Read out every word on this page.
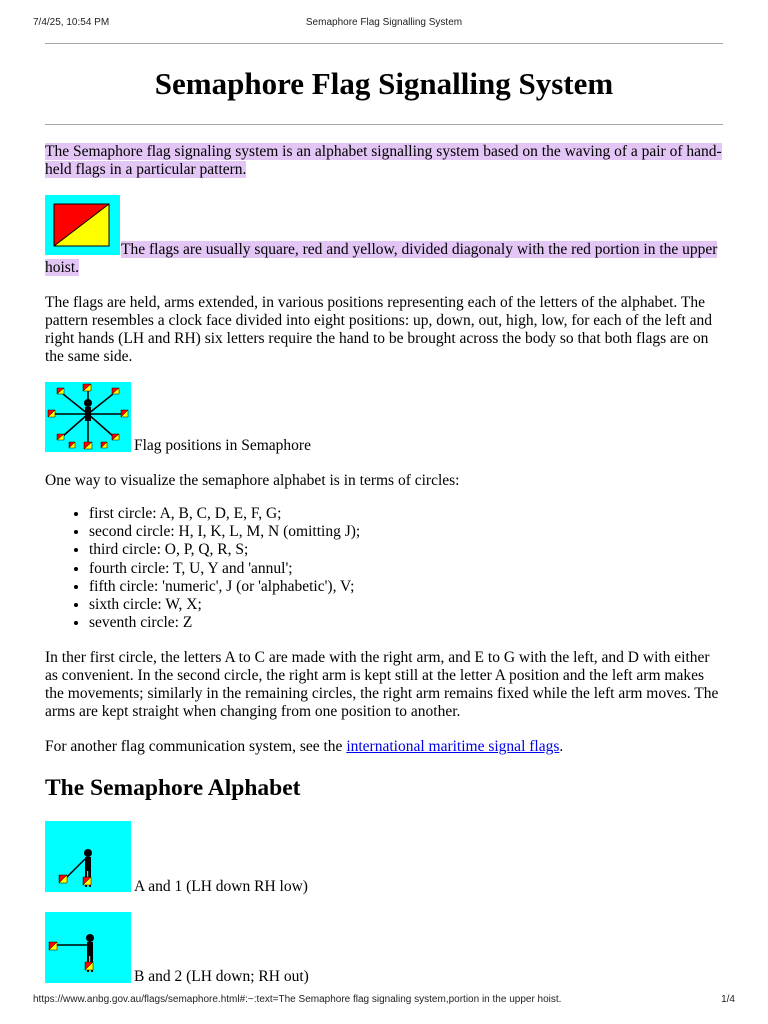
7/4/25, 10:54 PM	Semaphore Flag Signalling System
Semaphore Flag Signalling System

The Semaphore flag signaling system is an alphabet signalling system based on the waving of a pair of hand-held flags in a particular pattern.

The flags are usually square, red and yellow, divided diagonaly with the red portion in the upper hoist.

The flags are held, arms extended, in various positions representing each of the letters of the alphabet. The pattern resembles a clock face divided into eight positions: up, down, out, high, low, for each of the left and right hands (LH and RH) six letters require the hand to be brought across the body so that both flags are on the same side.

Flag positions in Semaphore

One way to visualize the semaphore alphabet is in terms of circles:

• first circle: A, B, C, D, E, F, G;
• second circle: H, I, K, L, M, N (omitting J);
• third circle: O, P, Q, R, S;
• fourth circle: T, U, Y and 'annul';
• fifth circle: 'numeric', J (or 'alphabetic'), V;
• sixth circle: W, X;
• seventh circle: Z

In ther first circle, the letters A to C are made with the right arm, and E to G with the left, and D with either as convenient. In the second circle, the right arm is kept still at the letter A position and the left arm makes the movements; similarly in the remaining circles, the right arm remains fixed while the left arm moves. The arms are kept straight when changing from one position to another.

For another flag communication system, see the international maritime signal flags.

The Semaphore Alphabet
A and 1 (LH down RH low)
B and 2 (LH down; RH out)
https://www.anbg.gov.au/flags/semaphore.html#:~:text=The Semaphore flag signaling system,portion in the upper hoist.	1/4
